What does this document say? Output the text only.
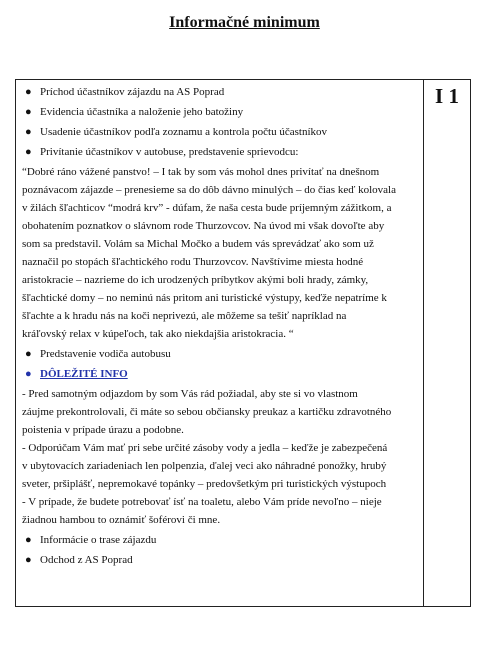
Informačné minimum
I 1
● Príchod účastníkov zájazdu na AS Poprad
● Evidencia účastníka a naloženie jeho batožiny
● Usadenie účastníkov podľa zoznamu a kontrola počtu účastníkov
● Privítanie účastníkov v autobuse, predstavenie sprievodcu:
“Dobré ráno vážené panstvo! – I tak by som vás mohol dnes privítať na dnešnom
poznávacom zájazde – prenesieme sa do dôb dávno minulých – do čias keď kolovala
v žilách šľachticov “modrá krv” - dúfam, že naša cesta bude príjemným zážitkom, a
obohatením poznatkov o slávnom rode Thurzovcov. Na úvod mi však dovoľte aby
som sa predstavil. Volám sa Michal Močko a budem vás sprevádzať ako som už
naznačil po stopách šľachtického rodu Thurzovcov. Navštívime miesta hodné
aristokracie – nazrieme do ich urodzených príbytkov akými boli hrady, zámky,
šľachtické domy – no neminú nás pritom ani turistické výstupy, keďže nepatríme k
šľachte a k hradu nás na koči neprivezú, ale môžeme sa tešiť napríklad na
kráľovský relax v kúpeľoch, tak ako niekdajšia aristokracia. “
● Predstavenie vodiča autobusu
● DÔLEŽITÉ INFO
- Pred samotným odjazdom by som Vás rád požiadal, aby ste si vo vlastnom
záujme prekontrolovali, či máte so sebou občiansky preukaz a kartičku zdravotného
poistenia v prípade úrazu a podobne.
- Odporúčam Vám mať pri sebe určité zásoby vody a jedla – keďže je zabezpečená
v ubytovacích zariadeniach len polpenzia, ďalej veci ako náhradné ponožky, hrubý
sveter, pršiplášť, nepremokavé topánky – predovšetkým pri turistických výstupoch
- V prípade, že budete potrebovať ísť na toaletu, alebo Vám príde nevoľno – nieje
žiadnou hambou to oznámiť šoférovi či mne.
● Informácie o trase zájazdu
● Odchod z AS Poprad
